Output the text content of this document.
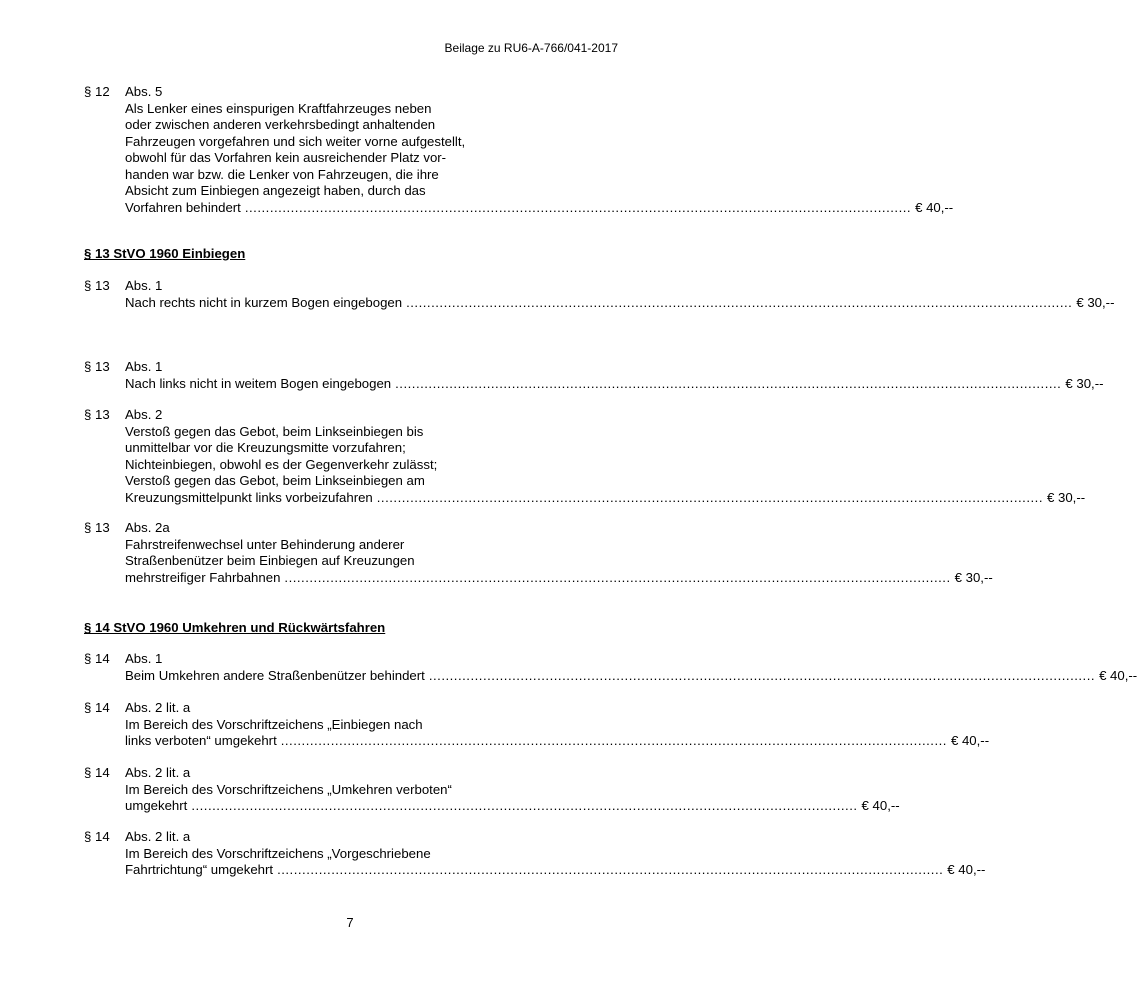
Beilage zu RU6-A-766/041-2017
§ 12	Abs. 5
Als Lenker eines einspurigen Kraftfahrzeuges neben
oder zwischen anderen verkehrsbedingt anhaltenden
Fahrzeugen vorgefahren und sich weiter vorne aufgestellt,
obwohl für das Vorfahren kein ausreichender Platz vor-
handen war bzw. die Lenker von Fahrzeugen, die ihre
Absicht zum Einbiegen angezeigt haben, durch das
Vorfahren behindert ................................................................................................................................................................ € 40,--
§ 13 StVO 1960 Einbiegen
§ 13	Abs. 1
Nach rechts nicht in kurzem Bogen eingebogen ................................................................................................................................................................ € 30,--
§ 13	Abs. 1
Nach links nicht in weitem Bogen eingebogen ................................................................................................................................................................ € 30,--
§ 13	Abs. 2
Verstoß gegen das Gebot, beim Linkseinbiegen bis
unmittelbar vor die Kreuzungsmitte vorzufahren;
Nichteinbiegen, obwohl es der Gegenverkehr zulässt;
Verstoß gegen das Gebot, beim Linkseinbiegen am
Kreuzungsmittelpunkt links vorbeizufahren ................................................................................................................................................................ € 30,--
§ 13	Abs. 2a
Fahrstreifenwechsel unter Behinderung anderer
Straßenbenützer beim Einbiegen auf Kreuzungen
mehrstreifiger Fahrbahnen ................................................................................................................................................................ € 30,--
§ 14 StVO 1960 Umkehren und Rückwärtsfahren
§ 14	Abs. 1
Beim Umkehren andere Straßenbenützer behindert ................................................................................................................................................................ € 40,--
§ 14	Abs. 2 lit. a
Im Bereich des Vorschriftzeichens „Einbiegen nach
links verboten“ umgekehrt ................................................................................................................................................................ € 40,--
§ 14	Abs. 2 lit. a
Im Bereich des Vorschriftzeichens „Umkehren verboten“
umgekehrt ................................................................................................................................................................ € 40,--
§ 14	Abs. 2 lit. a
Im Bereich des Vorschriftzeichens „Vorgeschriebene
Fahrtrichtung“ umgekehrt ................................................................................................................................................................ € 40,--
7
